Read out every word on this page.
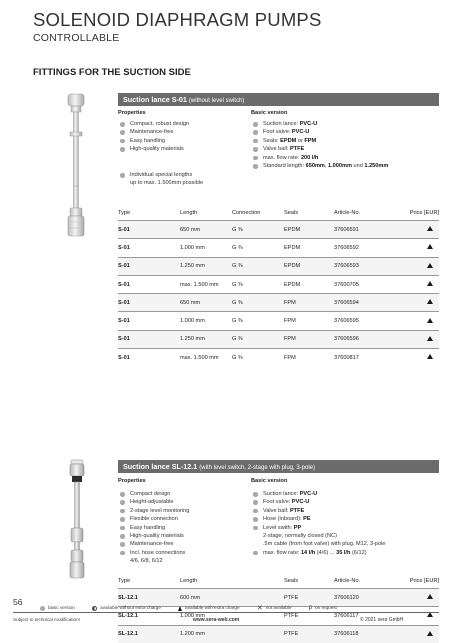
SOLENOID DIAPHRAGM PUMPS
CONTROLLABLE
FITTINGS FOR THE SUCTION SIDE
Suction lance S-01 (without level switch)
Properties	Basic version
Compact, robust design
Maintenance-free
Easy handling
High-quality materials
Individual special lengths
up to max. 1.500mm possible
Suction lance: PVC-U
Foot valve: PVC-U
Seals: EPDM or FPM
Valve ball: PTFE
max. flow rate: 200 l/h
Standard length: 650mm, 1.000mm und 1.250mm
Type	Length	Connection	Seals	Article-No.	Price [EUR]
S-01	650 mm	G ⅜	EPDM	37606591	
S-01	1.000 mm	G ⅜	EPDM	37606592	
S-01	1.250 mm	G ⅜	EPDM	37606593	
S-01	max. 1.500 mm	G ⅜	EPDM	37600705	
S-01	650 mm	G ⅜	FPM	37606594	
S-01	1.000 mm	G ⅜	FPM	37606595	
S-01	1.250 mm	G ⅜	FPM	37606596	
S-01	max. 1.500 mm	G ⅜	FPM	37600817	
Suction lance SL-12.1 (with level switch, 2-stage with plug, 3-pole)
Properties	Basic version
Compact design
Height-adjustable
2-stage level monitoring
Flexible connection
Easy handling
High-quality materials
Maintenance-free
Incl. hose connections
4/6, 6/8, 6/12
Suction lance: PVC-U
Foot valve: PVC-U
Valve ball: PTFE
Hose (inboard): PE
Level swith: PP
2-stage, normally closed (NC)
.5m cable (from foot valve) with plug, M12, 3-pole
max. flow rate: 14 l/h (4/6) ... 35 l/h (6/12)
Type	Length	Seals	Article-No.	Price [EUR]
SL-12.1	600 mm	PTFE	37606120	
SL-12.1	1.000 mm	PTFE	37606117	
SL-12.1	1.200 mm	PTFE	37606118	
56
basic version	available without extra charge	available with extra charge ✕ not available	p on request
Subject to technical modification!	www.sera-web.com	© 2021 sera GmbH
